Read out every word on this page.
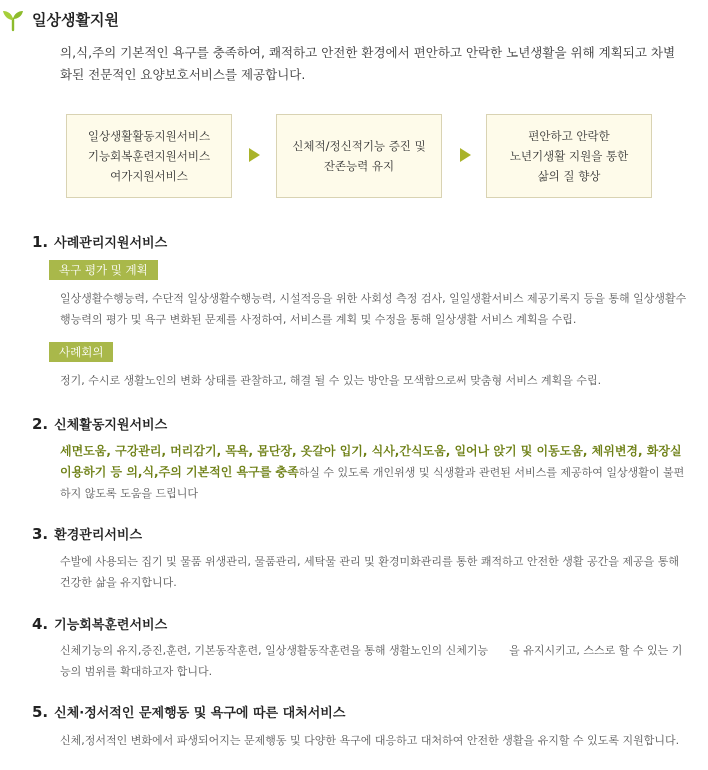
일상생활지원
의,식,주의 기본적인 욕구를 충족하여, 쾌적하고 안전한 환경에서 편안하고 안락한 노년생활을 위해 계획되고 차별화된 전문적인 요양보호서비스를 제공합니다.
일상생활활동지원서비스
기능회복훈련지원서비스
여가지원서비스
신체적/정신적기능 증진 및
잔존능력 유지
편안하고 안락한
노년기생활 지원을 통한
삶의 질 향상
1. 사례관리지원서비스
욕구 평가 및 계획
일상생활수행능력, 수단적 일상생활수행능력, 시설적응을 위한 사회성 측정 검사, 일일생활서비스 제공기록지 등을 통해 일상생활수행능력의 평가 및 욕구 변화된 문제를 사정하여, 서비스를 계획 및 수정을 통해 일상생활 서비스 계획을 수립.
사례회의
정기, 수시로 생활노인의 변화 상태를 관찰하고, 해결 될 수 있는 방안을 모색함으로써 맞춤형 서비스 계획을 수립.
2. 신체활동지원서비스
세면도움, 구강관리, 머리감기, 목욕, 몸단장, 옷갈아 입기, 식사,간식도움, 일어나 앉기 및 이동도움, 체위변경, 화장실 이용하기 등 의,식,주의 기본적인 욕구를 충족하실 수 있도록 개인위생 및 식생활과 관련된 서비스를 제공하여 일상생활이 불편하지 않도록 도움을 드립니다
3. 환경관리서비스
수발에 사용되는 집기 및 물품 위생관리, 물품관리, 세탁물 관리 및 환경미화관리를 통한 쾌적하고 안전한 생활 공간을 제공을 통해 건강한 삶을 유지합니다.
4. 기능회복훈련서비스
신체기능의 유지,증진,훈련, 기본동작훈련, 일상생활동작훈련을 통해 생활노인의 신체기능      을 유지시키고, 스스로 할 수 있는 기능의 범위를 확대하고자 합니다.
5. 신체·정서적인 문제행동 및 욕구에 따른 대처서비스
신체,정서적인 변화에서 파생되어지는 문제행동 및 다양한 욕구에 대응하고 대처하여 안전한 생활을 유지할 수 있도록 지원합니다.
